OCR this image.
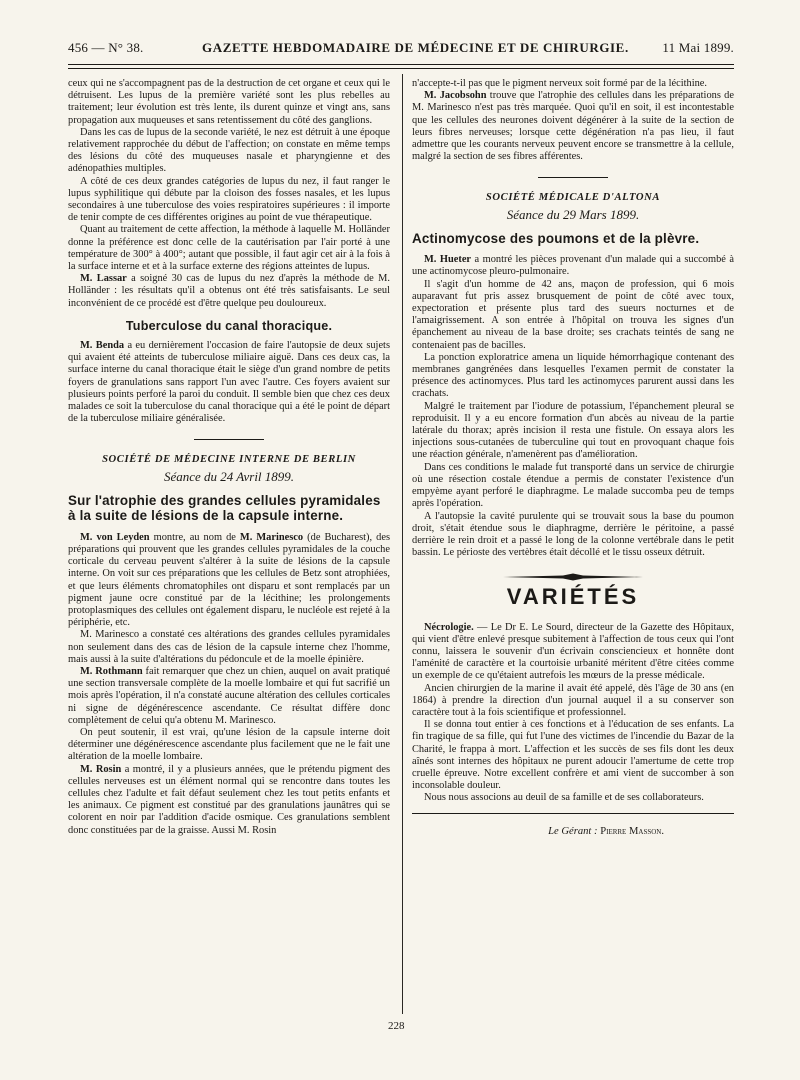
456 — N° 38.	GAZETTE HEBDOMADAIRE DE MÉDECINE ET DE CHIRURGIE.	11 Mai 1899.

ceux qui ne s'accompagnent pas de la destruction de cet organe et ceux qui le détruisent. Les lupus de la première variété sont les plus rebelles au traitement; leur évolution est très lente, ils durent quinze et vingt ans, sans propagation aux muqueuses et sans retentissement du côté des ganglions.

Dans les cas de lupus de la seconde variété, le nez est détruit à une époque relativement rapprochée du début de l'affection; on constate en même temps des lésions du côté des muqueuses nasale et pharyngienne et des adénopathies multiples.

A côté de ces deux grandes catégories de lupus du nez, il faut ranger le lupus syphilitique qui débute par la cloison des fosses nasales, et les lupus secondaires à une tuberculose des voies respiratoires supérieures : il importe de tenir compte de ces différentes origines au point de vue thérapeutique.

Quant au traitement de cette affection, la méthode à laquelle M. Holländer donne la préférence est donc celle de la cautérisation par l'air porté à une température de 300° à 400°; autant que possible, il faut agir cet air à la fois à la surface interne et et à la surface externe des régions atteintes de lupus.

M. Lassar a soigné 30 cas de lupus du nez d'après la méthode de M. Holländer : les résultats qu'il a obtenus ont été très satisfaisants. Le seul inconvénient de ce procédé est d'être quelque peu douloureux.

Tuberculose du canal thoracique.

M. Benda a eu dernièrement l'occasion de faire l'autopsie de deux sujets qui avaient été atteints de tuberculose miliaire aiguë. Dans ces deux cas, la surface interne du canal thoracique était le siège d'un grand nombre de petits foyers de granulations sans rapport l'un avec l'autre. Ces foyers avaient sur plusieurs points perforé la paroi du conduit. Il semble bien que chez ces deux malades ce soit la tuberculose du canal thoracique qui a été le point de départ de la tuberculose miliaire généralisée.

SOCIÉTÉ DE MÉDECINE INTERNE DE BERLIN
Séance du 24 Avril 1899.
Sur l'atrophie des grandes cellules pyramidales à la suite de lésions de la capsule interne.

M. von Leyden montre, au nom de M. Marinesco (de Bucharest), des préparations qui prouvent que les grandes cellules pyramidales de la couche corticale du cerveau peuvent s'altérer à la suite de lésions de la capsule interne. On voit sur ces préparations que les cellules de Betz sont atrophiées, et que leurs éléments chromatophiles ont disparu et sont remplacés par un pigment jaune ocre constitué par de la lécithine; les prolongements protoplasmiques des cellules ont également disparu, le nucléole est rejeté à la périphérie, etc.

M. Marinesco a constaté ces altérations des grandes cellules pyramidales non seulement dans des cas de lésion de la capsule interne chez l'homme, mais aussi à la suite d'altérations du pédoncule et de la moelle épinière.

M. Rothmann fait remarquer que chez un chien, auquel on avait pratiqué une section transversale complète de la moelle lombaire et qui fut sacrifié un mois après l'opération, il n'a constaté aucune altération des cellules corticales ni signe de dégénérescence ascendante. Ce résultat diffère donc complètement de celui qu'a obtenu M. Marinesco.

On peut soutenir, il est vrai, qu'une lésion de la capsule interne doit déterminer une dégénérescence ascendante plus facilement que ne le fait une altération de la moelle lombaire.

M. Rosin a montré, il y a plusieurs années, que le prétendu pigment des cellules nerveuses est un élément normal qui se rencontre dans toutes les cellules chez l'adulte et fait défaut seulement chez les tout petits enfants et les animaux. Ce pigment est constitué par des granulations jaunâtres qui se colorent en noir par l'addition d'acide osmique. Ces granulations semblent donc constituées par de la graisse. Aussi M. Rosin

n'accepte-t-il pas que le pigment nerveux soit formé par de la lécithine.

M. Jacobsohn trouve que l'atrophie des cellules dans les préparations de M. Marinesco n'est pas très marquée. Quoi qu'il en soit, il est incontestable que les cellules des neurones doivent dégénérer à la suite de la section de leurs fibres nerveuses; lorsque cette dégénération n'a pas lieu, il faut admettre que les courants nerveux peuvent encore se transmettre à la cellule, malgré la section de ses fibres afférentes.

SOCIÉTÉ MÉDICALE D'ALTONA
Séance du 29 Mars 1899.
Actinomycose des poumons et de la plèvre.

M. Hueter a montré les pièces provenant d'un malade qui a succombé à une actinomycose pleuro-pulmonaire.

Il s'agit d'un homme de 42 ans, maçon de profession, qui 6 mois auparavant fut pris assez brusquement de point de côté avec toux, expectoration et présente plus tard des sueurs nocturnes et de l'amaigrissement. A son entrée à l'hôpital on trouva les signes d'un épanchement au niveau de la base droite; ses crachats teintés de sang ne contenaient pas de bacilles.

La ponction exploratrice amena un liquide hémorrhagique contenant des membranes gangrénées dans lesquelles l'examen permit de constater la présence des actinomyces. Plus tard les actinomyces parurent aussi dans les crachats.

Malgré le traitement par l'iodure de potassium, l'épanchement pleural se reproduisit. Il y a eu encore formation d'un abcès au niveau de la partie latérale du thorax; après incision il resta une fistule. On essaya alors les injections sous-cutanées de tuberculine qui tout en provoquant chaque fois une réaction générale, n'amenèrent pas d'amélioration.

Dans ces conditions le malade fut transporté dans un service de chirurgie où une résection costale étendue a permis de constater l'existence d'un empyème ayant perforé le diaphragme. Le malade succomba peu de temps après l'opération.

A l'autopsie la cavité purulente qui se trouvait sous la base du poumon droit, s'était étendue sous le diaphragme, derrière le péritoine, a passé derrière le rein droit et a passé le long de la colonne vertébrale dans le petit bassin. Le périoste des vertèbres était décollé et le tissu osseux détruit.

VARIÉTÉS

Nécrologie. — Le Dr E. Le Sourd, directeur de la Gazette des Hôpitaux, qui vient d'être enlevé presque subitement à l'affection de tous ceux qui l'ont connu, laissera le souvenir d'un écrivain consciencieux et honnête dont l'aménité de caractère et la courtoisie urbanité méritent d'être citées comme un exemple de ce qu'étaient autrefois les mœurs de la presse médicale.

Ancien chirurgien de la marine il avait été appelé, dès l'âge de 30 ans (en 1864) à prendre la direction d'un journal auquel il a su conserver son caractère tout à la fois scientifique et professionnel.

Il se donna tout entier à ces fonctions et à l'éducation de ses enfants. La fin tragique de sa fille, qui fut l'une des victimes de l'incendie du Bazar de la Charité, le frappa à mort. L'affection et les succès de ses fils dont les deux aînés sont internes des hôpitaux ne purent adoucir l'amertume de cette trop cruelle épreuve. Notre excellent confrère et ami vient de succomber à son inconsolable douleur.

Nous nous associons au deuil de sa famille et de ses collaborateurs.

Le Gérant : Pierre Masson.
228
